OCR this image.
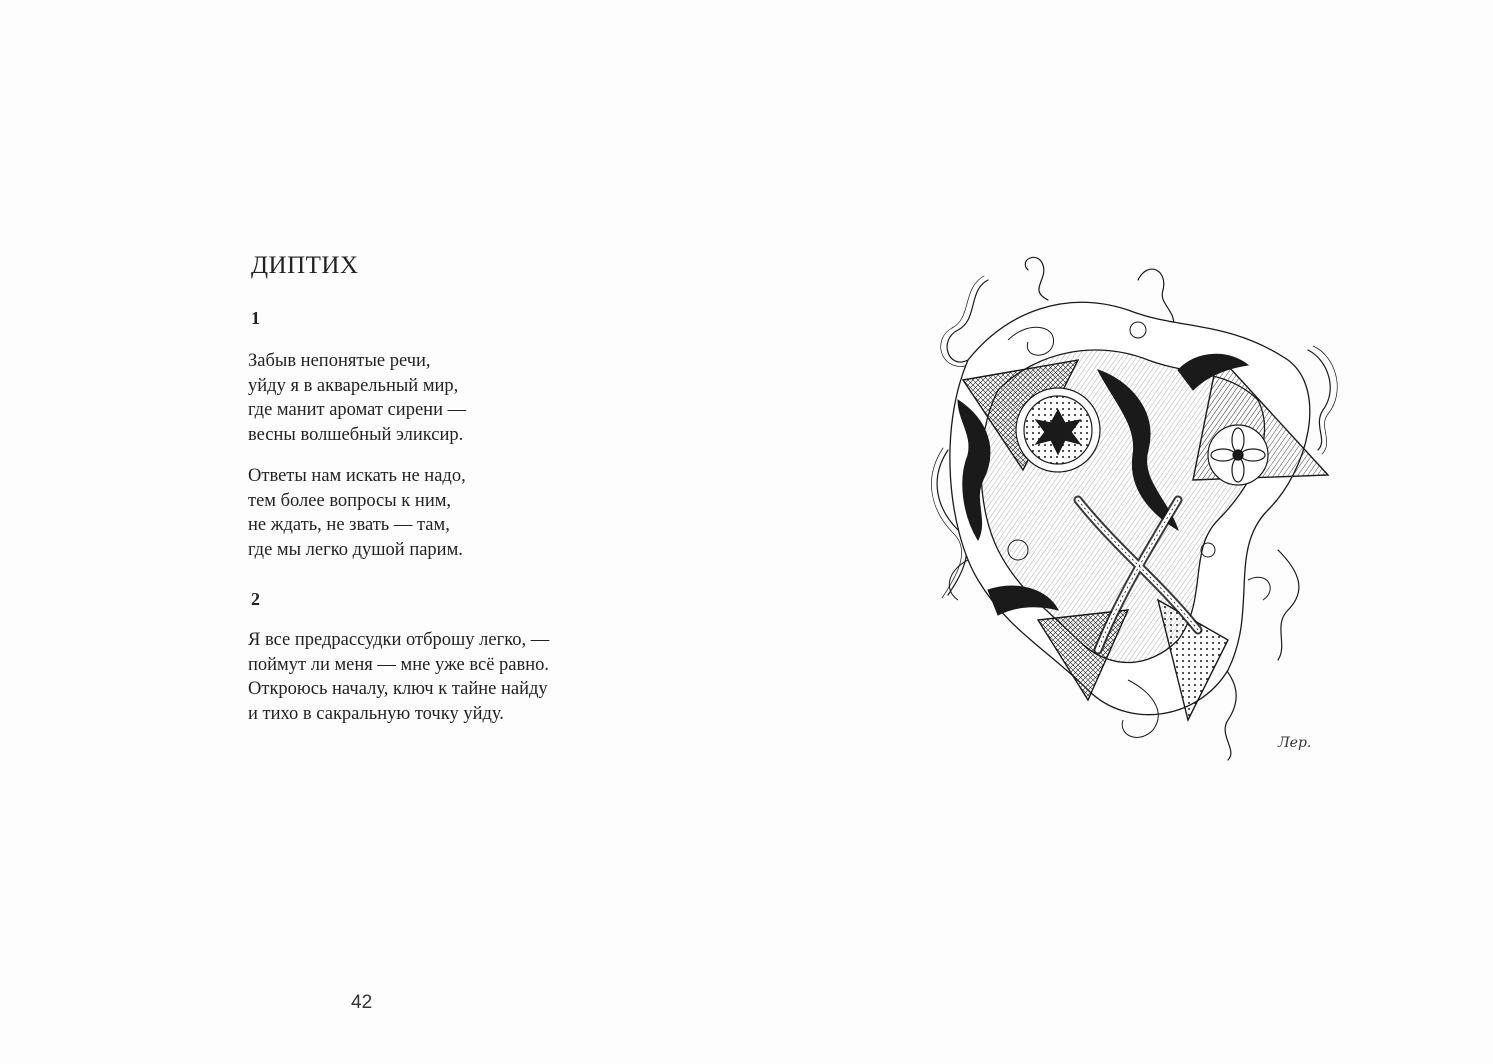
ДИПТИХ
1

Забыв непонятые речи,
уйду я в акварельный мир,
где манит аромат сирени —
весны волшебный эликсир.

Ответы нам искать не надо,
тем более вопросы к ним,
не ждать, не звать — там,
где мы легко душой парим.

2

Я все предрассудки отброшу легко, —
поймут ли меня — мне уже всё равно.
Откроюсь началу, ключ к тайне найду
и тихо в сакральную точку уйду.

42
Лер.
